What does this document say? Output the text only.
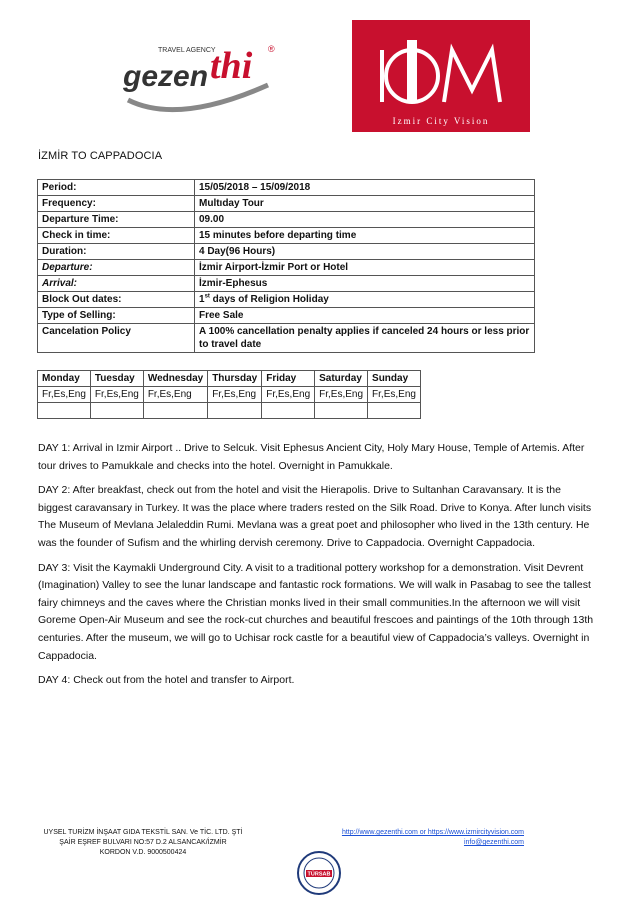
TRAVEL AGENCY
gezen thi ®
Izmir City Vision
İZMİR TO CAPPADOCIA
Period:	15/05/2018 – 15/09/2018
Frequency:	Multıday Tour
Departure Time:	09.00
Check in time:	15 minutes before departing time
Duration:	4 Day(96 Hours)
Departure:	İzmir Airport-İzmir Port or Hotel
Arrival:	İzmir-Ephesus
Block Out dates:	1st days of Religion Holiday
Type of Selling:	Free Sale
Cancelation Policy	A 100% cancellation penalty applies if canceled 24 hours or less prior to travel date
Monday	Tuesday	Wednesday	Thursday	Friday	Saturday	Sunday
Fr,Es,Eng	Fr,Es,Eng	Fr,Es,Eng	Fr,Es,Eng	Fr,Es,Eng	Fr,Es,Eng	Fr,Es,Eng

DAY 1: Arrival in Izmir Airport .. Drive to Selcuk. Visit Ephesus Ancient City, Holy Mary House, Temple of Artemis. After tour drives to Pamukkale and checks into the hotel. Overnight in Pamukkale.

DAY 2: After breakfast, check out from the hotel and visit the Hierapolis. Drive to Sultanhan Caravansary. It is the biggest caravansary in Turkey. It was the place where traders rested on the Silk Road. Drive to Konya. After lunch visits The Museum of Mevlana Jelaleddin Rumi. Mevlana was a great poet and philosopher who lived in the 13th century. He was the founder of Sufism and the whirling dervish ceremony. Drive to Cappadocia. Overnight Cappadocia.

DAY 3: Visit the Kaymakli Underground City. A visit to a traditional pottery workshop for a demonstration. Visit Devrent (Imagination) Valley to see the lunar landscape and fantastic rock formations. We will walk in Pasabag to see the tallest fairy chimneys and the caves where the Christian monks lived in their small communities.In the afternoon we will visit Goreme Open-Air Museum and see the rock-cut churches and beautiful frescoes and paintings of the 10th through 13th centuries. After the museum, we will go to Uchisar rock castle for a beautiful view of Cappadocia’s valleys. Overnight in Cappadocia.

DAY 4: Check out from the hotel and transfer to Airport.

UYSEL TURİZM İNŞAAT GIDA TEKSTİL SAN. Ve TİC. LTD. ŞTİ
ŞAİR EŞREF BULVARI NO:57 D.2 ALSANCAK/İZMİR
KORDON V.D. 9000500424
http://www.gezenthi.com or https://www.izmircityvision.com
info@gezenthi.com
TÜRSAB
